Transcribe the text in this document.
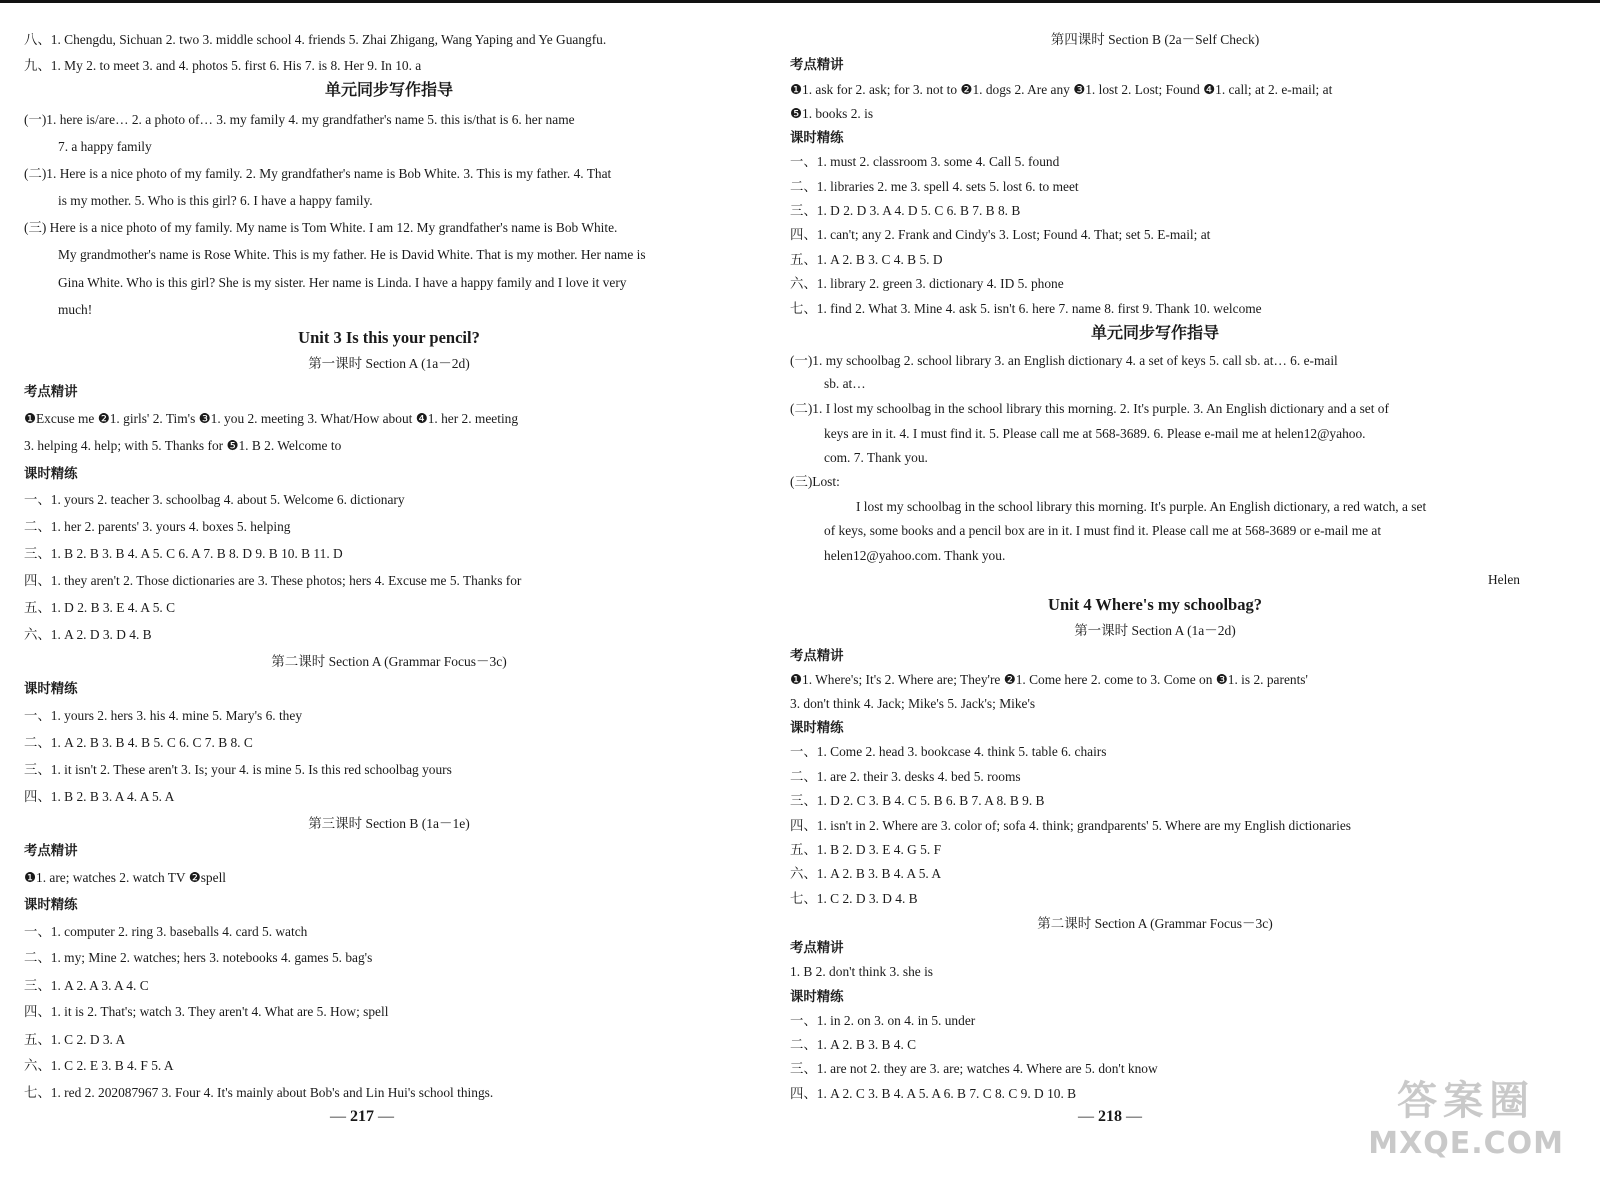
八、1. Chengdu, Sichuan 2. two 3. middle school 4. friends 5. Zhai Zhigang, Wang Yaping and Ye Guangfu.
九、1. My 2. to meet 3. and 4. photos 5. first 6. His 7. is 8. Her 9. In 10. a
单元同步写作指导
(一)1. here is/are… 2. a photo of… 3. my family 4. my grandfather's name 5. this is/that is 6. her name
7. a happy family
(二)1. Here is a nice photo of my family. 2. My grandfather's name is Bob White. 3. This is my father. 4. That
is my mother. 5. Who is this girl? 6. I have a happy family.
(三) Here is a nice photo of my family. My name is Tom White. I am 12. My grandfather's name is Bob White.
My grandmother's name is Rose White. This is my father. He is David White. That is my mother. Her name is
Gina White. Who is this girl? She is my sister. Her name is Linda. I have a happy family and I love it very
much!
Unit 3 Is this your pencil?
第一课时 Section A (1a－2d)
考点精讲
❶Excuse me ❷1. girls' 2. Tim's ❸1. you 2. meeting 3. What/How about ❹1. her 2. meeting
3. helping 4. help; with 5. Thanks for ❺1. B 2. Welcome to
课时精练
一、1. yours 2. teacher 3. schoolbag 4. about 5. Welcome 6. dictionary
二、1. her 2. parents' 3. yours 4. boxes 5. helping
三、1. B 2. B 3. B 4. A 5. C 6. A 7. B 8. D 9. B 10. B 11. D
四、1. they aren't 2. Those dictionaries are 3. These photos; hers 4. Excuse me 5. Thanks for
五、1. D 2. B 3. E 4. A 5. C
六、1. A 2. D 3. D 4. B
第二课时 Section A (Grammar Focus－3c)
课时精练
一、1. yours 2. hers 3. his 4. mine 5. Mary's 6. they
二、1. A 2. B 3. B 4. B 5. C 6. C 7. B 8. C
三、1. it isn't 2. These aren't 3. Is; your 4. is mine 5. Is this red schoolbag yours
四、1. B 2. B 3. A 4. A 5. A
第三课时 Section B (1a－1e)
考点精讲
❶1. are; watches 2. watch TV ❷spell
课时精练
一、1. computer 2. ring 3. baseballs 4. card 5. watch
二、1. my; Mine 2. watches; hers 3. notebooks 4. games 5. bag's
三、1. A 2. A 3. A 4. C
四、1. it is 2. That's; watch 3. They aren't 4. What are 5. How; spell
五、1. C 2. D 3. A
六、1. C 2. E 3. B 4. F 5. A
七、1. red 2. 202087967 3. Four 4. It's mainly about Bob's and Lin Hui's school things.
第四课时 Section B (2a－Self Check)
考点精讲
❶1. ask for 2. ask; for 3. not to ❷1. dogs 2. Are any ❸1. lost 2. Lost; Found ❹1. call; at 2. e-mail; at
❺1. books 2. is
课时精练
一、1. must 2. classroom 3. some 4. Call 5. found
二、1. libraries 2. me 3. spell 4. sets 5. lost 6. to meet
三、1. D 2. D 3. A 4. D 5. C 6. B 7. B 8. B
四、1. can't; any 2. Frank and Cindy's 3. Lost; Found 4. That; set 5. E-mail; at
五、1. A 2. B 3. C 4. B 5. D
六、1. library 2. green 3. dictionary 4. ID 5. phone
七、1. find 2. What 3. Mine 4. ask 5. isn't 6. here 7. name 8. first 9. Thank 10. welcome
单元同步写作指导
(一)1. my schoolbag 2. school library 3. an English dictionary 4. a set of keys 5. call sb. at… 6. e-mail
sb. at…
(二)1. I lost my schoolbag in the school library this morning. 2. It's purple. 3. An English dictionary and a set of
keys are in it. 4. I must find it. 5. Please call me at 568-3689. 6. Please e-mail me at helen12@yahoo.
com. 7. Thank you.
(三)Lost:
I lost my schoolbag in the school library this morning. It's purple. An English dictionary, a red watch, a set
of keys, some books and a pencil box are in it. I must find it. Please call me at 568-3689 or e-mail me at
helen12@yahoo.com. Thank you.
Helen
Unit 4 Where's my schoolbag?
第一课时 Section A (1a－2d)
考点精讲
❶1. Where's; It's 2. Where are; They're ❷1. Come here 2. come to 3. Come on ❸1. is 2. parents'
3. don't think 4. Jack; Mike's 5. Jack's; Mike's
课时精练
一、1. Come 2. head 3. bookcase 4. think 5. table 6. chairs
二、1. are 2. their 3. desks 4. bed 5. rooms
三、1. D 2. C 3. B 4. C 5. B 6. B 7. A 8. B 9. B
四、1. isn't in 2. Where are 3. color of; sofa 4. think; grandparents' 5. Where are my English dictionaries
五、1. B 2. D 3. E 4. G 5. F
六、1. A 2. B 3. B 4. A 5. A
七、1. C 2. D 3. D 4. B
第二课时 Section A (Grammar Focus－3c)
考点精讲
1. B 2. don't think 3. she is
课时精练
一、1. in 2. on 3. on 4. in 5. under
二、1. A 2. B 3. B 4. C
三、1. are not 2. they are 3. are; watches 4. Where are 5. don't know
四、1. A 2. C 3. B 4. A 5. A 6. B 7. C 8. C 9. D 10. B
— 217 —	— 218 —	答案圈
MXQE.COM
